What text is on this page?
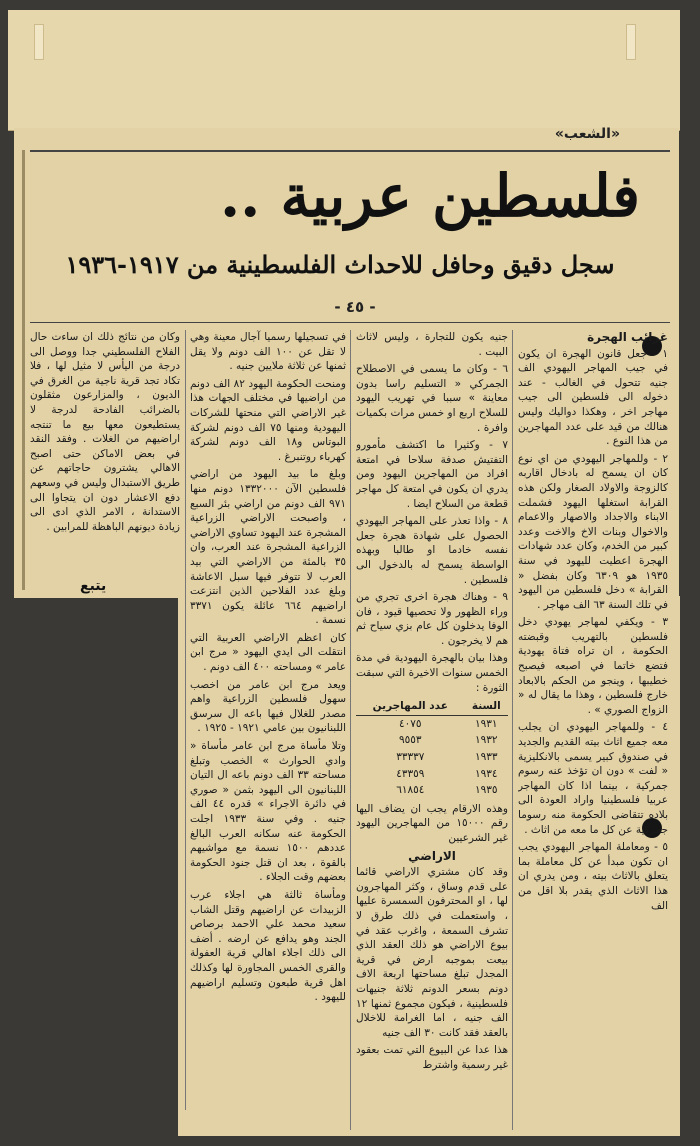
«الشعب»
فلسطين عربية ..
سجل دقيق وحافل للاحداث الفلسطينية من ١٩١٧-١٩٣٦
- ٤٥ -
غرائب الهجرة

١ - جعل قانون الهجرة ان يكون في جيب المهاجر اليهودي الف جنيه تتحول في الغالب - عند دخوله الى فلسطين الى جيب مهاجر اخر ، وهكذا دواليك وليس هنالك من قيد على عدد المهاجرين من هذا النوع .

٢ - وللمهاجر اليهودي من اي نوع كان ان يسمح له بادخال اقاربه كالزوجة والاولاد الصغار ولكن هذه القرابة استغلها اليهود فشملت الابناء والاجداد والاصهار والاعمام والاخوال وبنات الاخ والاخت وعدد كبير من الخدم، وكان عدد شهادات الهجرة اعطيت لليهود في سنة ١٩٣٥ هو ٦٣٠٩ وكان بفضل « القرابة » دخل فلسطين من اليهود في تلك السنة ٦٣ الف مهاجر .

٣ - ويكفي لمهاجر يهودي دخل فلسطين بالتهريب وقبضته الحكومة ، ان تراه فتاة يهودية فتضع خاتما في اصبعه فيصبح خطيبها ، وينجو من الحكم بالابعاد خارج فلسطين ، وهذا ما يقال له « الزواج الصوري » .

٤ - وللمهاجر اليهودي ان يجلب معه جميع اثاث بيته القديم والجديد في صندوق كبير يسمى بالانكليزية « لفت » دون ان تؤخذ عنه رسوم جمركية ، بينما اذا كان المهاجر عربيا فلسطينيا واراد العودة الى بلاده تتقاضى الحكومة منه رسوما جمركية عن كل ما معه من اثاث .

٥ - ومعاملة المهاجر اليهودي يجب ان تكون مبدأ عن كل معاملة بما يتعلق بالاثاث بيته ، ومن يدري ان هذا الاثاث الذي يقدر بلا اقل من الف

جنيه يكون للتجارة ، وليس لاثاث البيت .

٦ - وكان ما يسمى في الاصطلاح الجمركي « التسليم راسا بدون معاينة » سببا في تهريب اليهود للسلاح اربع او خمس مرات بكميات وافرة .

٧ - وكثيرا ما اكتشف مأمورو التفتيش صدفة سلاحا في امتعة افراد من المهاجرين اليهود ومن يدري ان يكون في امتعة كل مهاجر قطعة من السلاح ايضا .

٨ - واذا تعذر على المهاجر اليهودي الحصول على شهادة هجرة جعل نفسه خادما او طالبا وبهذه الواسطة يسمح له بالدخول الى فلسطين .

٩ - وهناك هجرة اخرى تجري من وراء الظهور ولا تحصيها قيود ، فان الوفا يدخلون كل عام بزي سياح ثم هم لا يخرجون .

وهذا بيان بالهجرة اليهودية في مدة الخمس سنوات الاخيرة التي سبقت الثورة :

السنة	عدد المهاجرين
١٩٣١	٤٠٧٥
١٩٣٢	٩٥٥٣
١٩٣٣	٣٣٣٣٧
١٩٣٤	٤٣٣٥٩
١٩٣٥	٦١٨٥٤

وهذه الارقام يجب ان يضاف اليها رقم ١٥٠٠٠ من المهاجرين اليهود غير الشرعيين

الاراضي

وقد كان مشتري الاراضي قائما على قدم وساق ، وكثر المهاجرون لها ، او المحترفون السمسرة عليها ، واستعملت في ذلك طرق لا تشرف السمعة ، واغرب عقد في بيوع الاراضي هو ذلك العقد الذي بيعت بموجبه ارض في قرية المجدل تبلغ مساحتها اربعة الاف دونم بسعر الدونم ثلاثة جنيهات فلسطينية ، فيكون مجموع ثمنها ١٢ الف جنيه ، اما الغرامة للاخلال بالعقد فقد كانت ٣٠ الف جنيه

هذا عدا عن البيوع التي تمت بعقود غير رسمية واشترط

في تسجيلها رسميا آجال معينة وهي لا تقل عن ١٠٠ الف دونم ولا يقل ثمنها عن ثلاثة ملايين جنيه .

ومنحت الحكومة اليهود ٨٢ الف دونم من اراضيها في مختلف الجهات هذا غير الاراضي التي منحتها للشركات اليهودية ومنها ٧٥ الف دونم لشركة البوتاس و١٨ الف دونم لشركة كهرباء روتنبرغ .

وبلغ ما بيد اليهود من اراضي فلسطين الآن ١٣٣٢٠٠٠ دونم منها ٩٧١ الف دونم من اراضي بئر السبع ، واصبحت الاراضي الزراعية المشجرة عند اليهود تساوي الاراضي الزراعية المشجرة عند العرب، وان ٣٥ بالمئة من الاراضي التي بيد العرب لا تتوفر فيها سبل الاعاشة وبلغ عدد الفلاحين الذين انتزعت اراضيهم ٦٦٤ عائلة يكون ٣٣٧١ نسمة .

كان اعظم الاراضي العربية التي انتقلت الى ايدي اليهود « مرج ابن عامر » ومساحته ٤٠٠ الف دونم .

ويعد مرج ابن عامر من اخصب سهول فلسطين الزراعية واهم مصدر للغلال فيها باعه ال سرسق اللبنانيون بين عامي ١٩٢١ - ١٩٢٥ .

وتلا مأساة مرج ابن عامر مأساة « وادي الحوارث » الخصب وتبلغ مساحته ٣٣ الف دونم باعه ال التيان اللبنانيون الى اليهود بثمن « صوري في دائرة الاجراء » قدره ٤٤ الف جنيه . وفي سنة ١٩٣٣ اجلت الحكومة عنه سكانه العرب البالغ عددهم ١٥٠٠ نسمة مع مواشيهم بالقوة ، بعد ان قتل جنود الحكومة بعضهم وقت الجلاء .

ومأساة ثالثة هي اجلاء عرب الزبيدات عن اراضيهم وقتل الشاب سعيد محمد علي الاحمد برصاص الجند وهو يدافع عن ارضه . أضف الى ذلك اجلاء اهالي قرية العفولة والقرى الخمس المجاورة لها وكذلك اهل قرية طبعون وتسليم اراضيهم لليهود .

وكان من نتائج ذلك ان ساءت حال الفلاح الفلسطيني جدا ووصل الى درجة من اليأس لا مثيل لها ، فلا تكاد تجد قرية ناجية من الغرق في الديون ، والمزارعون مثقلون بالضرائب الفادحة لدرجة لا يستطيعون معها بيع ما تنتجه اراضيهم من الغلات . وفقد النقد في بعض الاماكن حتى اصبح الاهالي يشترون حاجاتهم عن طريق الاستبدال وليس في وسعهم دفع الاعشار دون ان يتجاوا الى الاستدانة ، الامر الذي ادى الى زيادة ديونهم الباهظة للمرابين .

يتبع
